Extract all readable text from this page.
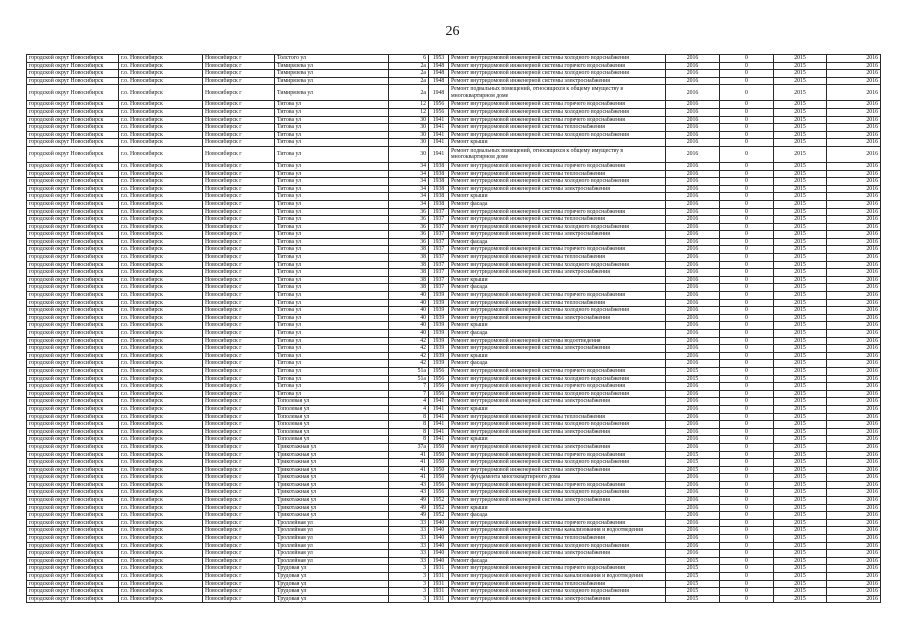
26
городской округ Новосибирск	г.о. Новосибирск	Новосибирск г	Толстого ул	6	1953	Ремонт внутридомовой инженерной системы холодного водоснабжения	2016	0	2015	2016
городской округ Новосибирск	г.о. Новосибирск	Новосибирск г	Тимирязева ул	2а	1948	Ремонт внутридомовой инженерной системы горячего водоснабжения	2016	0	2015	2016
городской округ Новосибирск	г.о. Новосибирск	Новосибирск г	Тимирязева ул	2а	1948	Ремонт внутридомовой инженерной системы холодного водоснабжения	2016	0	2015	2016
городской округ Новосибирск	г.о. Новосибирск	Новосибирск г	Тимирязева ул	2а	1948	Ремонт внутридомовой инженерной системы электроснабжения	2016	0	2015	2016
городской округ Новосибирск	г.о. Новосибирск	Новосибирск г	Тимирязева ул	2а	1948	Ремонт подвальных помещений, относящихся к общему имуществу в многоквартирном доме	2016	0	2015	2016
городской округ Новосибирск	г.о. Новосибирск	Новосибирск г	Титова ул	12	1956	Ремонт внутридомовой инженерной системы горячего водоснабжения	2016	0	2015	2016
городской округ Новосибирск	г.о. Новосибирск	Новосибирск г	Титова ул	12	1956	Ремонт внутридомовой инженерной системы холодного водоснабжения	2016	0	2015	2016
городской округ Новосибирск	г.о. Новосибирск	Новосибирск г	Титова ул	30	1941	Ремонт внутридомовой инженерной системы горячего водоснабжения	2016	0	2015	2016
городской округ Новосибирск	г.о. Новосибирск	Новосибирск г	Титова ул	30	1941	Ремонт внутридомовой инженерной системы теплоснабжения	2016	0	2015	2016
городской округ Новосибирск	г.о. Новосибирск	Новосибирск г	Титова ул	30	1941	Ремонт внутридомовой инженерной системы холодного водоснабжения	2016	0	2015	2016
городской округ Новосибирск	г.о. Новосибирск	Новосибирск г	Титова ул	30	1941	Ремонт крыши	2016	0	2015	2016
городской округ Новосибирск	г.о. Новосибирск	Новосибирск г	Титова ул	30	1941	Ремонт подвальных помещений, относящихся к общему имуществу в многоквартирном доме	2016	0	2015	2016
городской округ Новосибирск	г.о. Новосибирск	Новосибирск г	Титова ул	34	1938	Ремонт внутридомовой инженерной системы горячего водоснабжения	2016	0	2015	2016
городской округ Новосибирск	г.о. Новосибирск	Новосибирск г	Титова ул	34	1938	Ремонт внутридомовой инженерной системы теплоснабжения	2016	0	2015	2016
городской округ Новосибирск	г.о. Новосибирск	Новосибирск г	Титова ул	34	1938	Ремонт внутридомовой инженерной системы холодного водоснабжения	2016	0	2015	2016
городской округ Новосибирск	г.о. Новосибирск	Новосибирск г	Титова ул	34	1938	Ремонт внутридомовой инженерной системы электроснабжения	2016	0	2015	2016
городской округ Новосибирск	г.о. Новосибирск	Новосибирск г	Титова ул	34	1938	Ремонт крыши	2016	0	2015	2016
городской округ Новосибирск	г.о. Новосибирск	Новосибирск г	Титова ул	34	1938	Ремонт фасада	2016	0	2015	2016
городской округ Новосибирск	г.о. Новосибирск	Новосибирск г	Титова ул	36	1937	Ремонт внутридомовой инженерной системы горячего водоснабжения	2016	0	2015	2016
городской округ Новосибирск	г.о. Новосибирск	Новосибирск г	Титова ул	36	1937	Ремонт внутридомовой инженерной системы теплоснабжения	2016	0	2015	2016
городской округ Новосибирск	г.о. Новосибирск	Новосибирск г	Титова ул	36	1937	Ремонт внутридомовой инженерной системы холодного водоснабжения	2016	0	2015	2016
городской округ Новосибирск	г.о. Новосибирск	Новосибирск г	Титова ул	36	1937	Ремонт внутридомовой инженерной системы электроснабжения	2016	0	2015	2016
городской округ Новосибирск	г.о. Новосибирск	Новосибирск г	Титова ул	36	1937	Ремонт фасада	2016	0	2015	2016
городской округ Новосибирск	г.о. Новосибирск	Новосибирск г	Титова ул	38	1937	Ремонт внутридомовой инженерной системы горячего водоснабжения	2016	0	2015	2016
городской округ Новосибирск	г.о. Новосибирск	Новосибирск г	Титова ул	38	1937	Ремонт внутридомовой инженерной системы теплоснабжения	2016	0	2015	2016
городской округ Новосибирск	г.о. Новосибирск	Новосибирск г	Титова ул	38	1937	Ремонт внутридомовой инженерной системы холодного водоснабжения	2016	0	2015	2016
городской округ Новосибирск	г.о. Новосибирск	Новосибирск г	Титова ул	38	1937	Ремонт внутридомовой инженерной системы электроснабжения	2016	0	2015	2016
городской округ Новосибирск	г.о. Новосибирск	Новосибирск г	Титова ул	38	1937	Ремонт крыши	2016	0	2015	2016
городской округ Новосибирск	г.о. Новосибирск	Новосибирск г	Титова ул	38	1937	Ремонт фасада	2016	0	2015	2016
городской округ Новосибирск	г.о. Новосибирск	Новосибирск г	Титова ул	40	1939	Ремонт внутридомовой инженерной системы горячего водоснабжения	2016	0	2015	2016
городской округ Новосибирск	г.о. Новосибирск	Новосибирск г	Титова ул	40	1939	Ремонт внутридомовой инженерной системы теплоснабжения	2016	0	2015	2016
городской округ Новосибирск	г.о. Новосибирск	Новосибирск г	Титова ул	40	1939	Ремонт внутридомовой инженерной системы холодного водоснабжения	2016	0	2015	2016
городской округ Новосибирск	г.о. Новосибирск	Новосибирск г	Титова ул	40	1939	Ремонт внутридомовой инженерной системы электроснабжения	2016	0	2015	2016
городской округ Новосибирск	г.о. Новосибирск	Новосибирск г	Титова ул	40	1939	Ремонт крыши	2016	0	2015	2016
городской округ Новосибирск	г.о. Новосибирск	Новосибирск г	Титова ул	40	1939	Ремонт фасада	2016	0	2015	2016
городской округ Новосибирск	г.о. Новосибирск	Новосибирск г	Титова ул	42	1939	Ремонт внутридомовой инженерной системы водоотведения	2016	0	2015	2016
городской округ Новосибирск	г.о. Новосибирск	Новосибирск г	Титова ул	42	1939	Ремонт внутридомовой инженерной системы электроснабжения	2016	0	2015	2016
городской округ Новосибирск	г.о. Новосибирск	Новосибирск г	Титова ул	42	1939	Ремонт крыши	2016	0	2015	2016
городской округ Новосибирск	г.о. Новосибирск	Новосибирск г	Титова ул	42	1939	Ремонт фасада	2016	0	2015	2016
городской округ Новосибирск	г.о. Новосибирск	Новосибирск г	Титова ул	51а	1956	Ремонт внутридомовой инженерной системы горячего водоснабжения	2015	0	2015	2016
городской округ Новосибирск	г.о. Новосибирск	Новосибирск г	Титова ул	51а	1956	Ремонт внутридомовой инженерной системы холодного водоснабжения	2015	0	2015	2016
городской округ Новосибирск	г.о. Новосибирск	Новосибирск г	Титова ул	7	1956	Ремонт внутридомовой инженерной системы горячего водоснабжения	2016	0	2015	2016
городской округ Новосибирск	г.о. Новосибирск	Новосибирск г	Титова ул	7	1956	Ремонт внутридомовой инженерной системы холодного водоснабжения	2016	0	2015	2016
городской округ Новосибирск	г.о. Новосибирск	Новосибирск г	Тополевая ул	4	1941	Ремонт внутридомовой инженерной системы электроснабжения	2016	0	2015	2016
городской округ Новосибирск	г.о. Новосибирск	Новосибирск г	Тополевая ул	4	1941	Ремонт крыши	2016	0	2015	2016
городской округ Новосибирск	г.о. Новосибирск	Новосибирск г	Тополевая ул	8	1941	Ремонт внутридомовой инженерной системы теплоснабжения	2016	0	2015	2016
городской округ Новосибирск	г.о. Новосибирск	Новосибирск г	Тополевая ул	8	1941	Ремонт внутридомовой инженерной системы холодного водоснабжения	2016	0	2015	2016
городской округ Новосибирск	г.о. Новосибирск	Новосибирск г	Тополевая ул	8	1941	Ремонт внутридомовой инженерной системы электроснабжения	2016	0	2015	2016
городской округ Новосибирск	г.о. Новосибирск	Новосибирск г	Тополевая ул	8	1941	Ремонт крыши	2016	0	2015	2016
городской округ Новосибирск	г.о. Новосибирск	Новосибирск г	Трикотажная ул	37а	1950	Ремонт внутридомовой инженерной системы электроснабжения	2016	0	2015	2016
городской округ Новосибирск	г.о. Новосибирск	Новосибирск г	Трикотажная ул	41	1950	Ремонт внутридомовой инженерной системы горячего водоснабжения	2015	0	2015	2016
городской округ Новосибирск	г.о. Новосибирск	Новосибирск г	Трикотажная ул	41	1950	Ремонт внутридомовой инженерной системы холодного водоснабжения	2015	0	2015	2016
городской округ Новосибирск	г.о. Новосибирск	Новосибирск г	Трикотажная ул	41	1950	Ремонт внутридомовой инженерной системы электроснабжения	2015	0	2015	2016
городской округ Новосибирск	г.о. Новосибирск	Новосибирск г	Трикотажная ул	41	1950	Ремонт фундамента многоквартирного дома	2016	0	2015	2016
городской округ Новосибирск	г.о. Новосибирск	Новосибирск г	Трикотажная ул	43	1956	Ремонт внутридомовой инженерной системы горячего водоснабжения	2016	0	2015	2016
городской округ Новосибирск	г.о. Новосибирск	Новосибирск г	Трикотажная ул	43	1956	Ремонт внутридомовой инженерной системы холодного водоснабжения	2016	0	2015	2016
городской округ Новосибирск	г.о. Новосибирск	Новосибирск г	Трикотажная ул	49	1952	Ремонт внутридомовой инженерной системы электроснабжения	2016	0	2015	2016
городской округ Новосибирск	г.о. Новосибирск	Новосибирск г	Трикотажная ул	49	1952	Ремонт крыши	2016	0	2015	2016
городской округ Новосибирск	г.о. Новосибирск	Новосибирск г	Трикотажная ул	49	1952	Ремонт фасада	2016	0	2015	2016
городской округ Новосибирск	г.о. Новосибирск	Новосибирск г	Троллейная ул	33	1940	Ремонт внутридомовой инженерной системы горячего водоснабжения	2016	0	2015	2016
городской округ Новосибирск	г.о. Новосибирск	Новосибирск г	Троллейная ул	33	1940	Ремонт внутридомовой инженерной системы канализования и водоотведения	2016	0	2015	2016
городской округ Новосибирск	г.о. Новосибирск	Новосибирск г	Троллейная ул	33	1940	Ремонт внутридомовой инженерной системы теплоснабжения	2016	0	2015	2016
городской округ Новосибирск	г.о. Новосибирск	Новосибирск г	Троллейная ул	33	1940	Ремонт внутридомовой инженерной системы холодного водоснабжения	2016	0	2015	2016
городской округ Новосибирск	г.о. Новосибирск	Новосибирск г	Троллейная ул	33	1940	Ремонт внутридомовой инженерной системы электроснабжения	2016	0	2015	2016
городской округ Новосибирск	г.о. Новосибирск	Новосибирск г	Троллейная ул	33	1940	Ремонт фасада	2015	0	2015	2016
городской округ Новосибирск	г.о. Новосибирск	Новосибирск г	Трудовая ул	3	1931	Ремонт внутридомовой инженерной системы горячего водоснабжения	2015	0	2015	2016
городской округ Новосибирск	г.о. Новосибирск	Новосибирск г	Трудовая ул	3	1931	Ремонт внутридомовой инженерной системы канализования и водоотведения	2015	0	2015	2016
городской округ Новосибирск	г.о. Новосибирск	Новосибирск г	Трудовая ул	3	1931	Ремонт внутридомовой инженерной системы теплоснабжения	2015	0	2015	2016
городской округ Новосибирск	г.о. Новосибирск	Новосибирск г	Трудовая ул	3	1931	Ремонт внутридомовой инженерной системы холодного водоснабжения	2015	0	2015	2016
городской округ Новосибирск	г.о. Новосибирск	Новосибирск г	Трудовая ул	3	1931	Ремонт внутридомовой инженерной системы электроснабжения	2015	0	2015	2016
